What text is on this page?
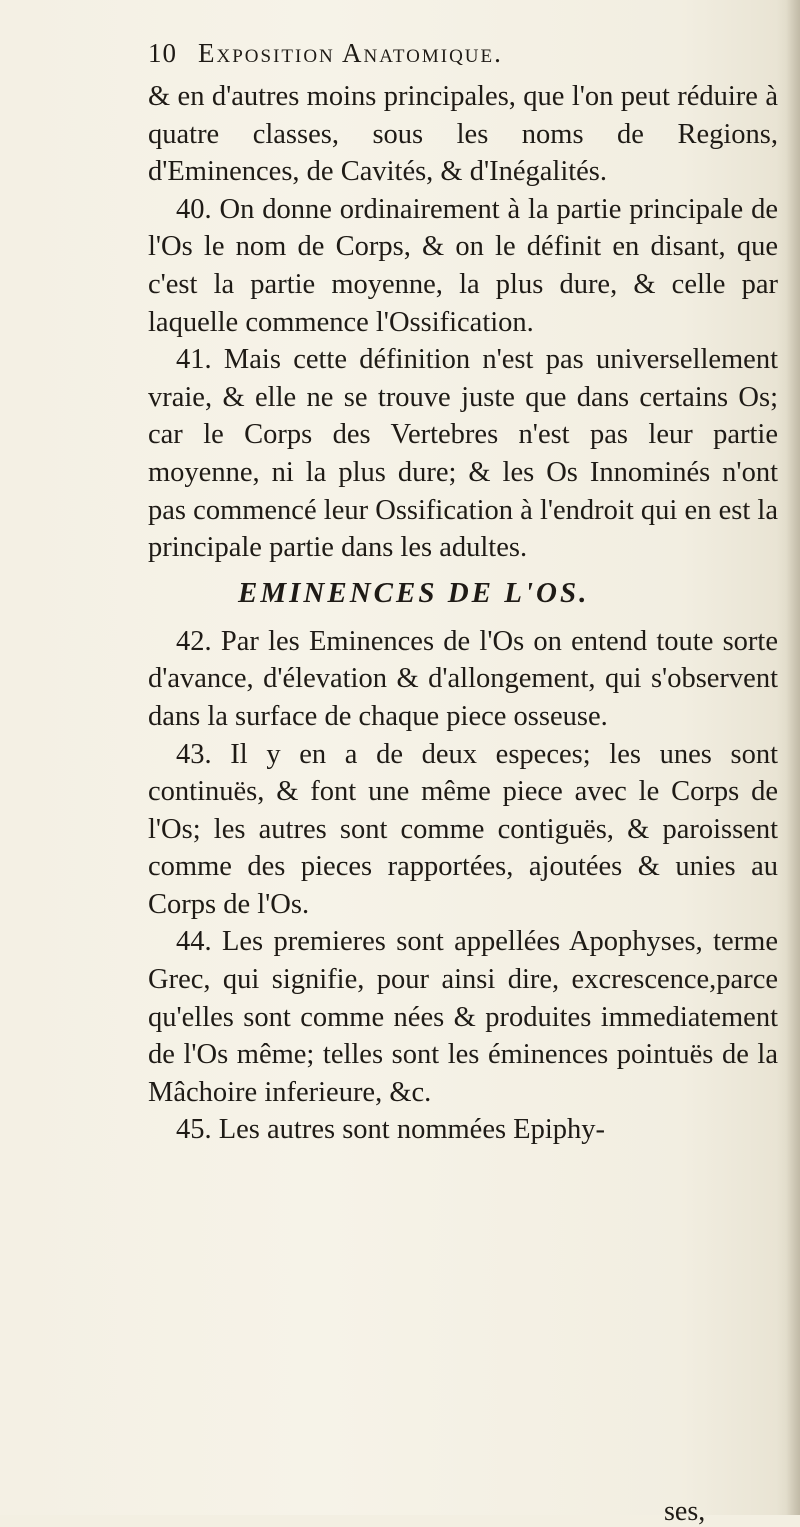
10 Exposition Anatomique.

& en d'autres moins principales, que l'on peut réduire à quatre classes, sous les noms de Regions, d'Eminences, de Cavités, & d'Inégalités.

40. On donne ordinairement à la partie principale de l'Os le nom de Corps, & on le définit en disant, que c'est la partie moyenne, la plus dure, & celle par laquelle commence l'Ossification.

41. Mais cette définition n'est pas universellement vraie, & elle ne se trouve juste que dans certains Os; car le Corps des Vertebres n'est pas leur partie moyenne, ni la plus dure; & les Os Innominés n'ont pas commencé leur Ossification à l'endroit qui en est la principale partie dans les adultes.

EMINENCES DE L'OS.

42. Par les Eminences de l'Os on entend toute sorte d'avance, d'élevation & d'allongement, qui s'observent dans la surface de chaque piece osseuse.

43. Il y en a de deux especes; les unes sont continuës, & font une même piece avec le Corps de l'Os; les autres sont comme contiguës, & paroissent comme des pieces rapportées, ajoutées & unies au Corps de l'Os.

44. Les premieres sont appellées Apophyses, terme Grec, qui signifie, pour ainsi dire, excrescence,parce qu'elles sont comme nées & produites immediatement de l'Os même; telles sont les éminences pointuës de la Mâchoire inferieure, &c.

45. Les autres sont nommées Epiphy-

ses,
